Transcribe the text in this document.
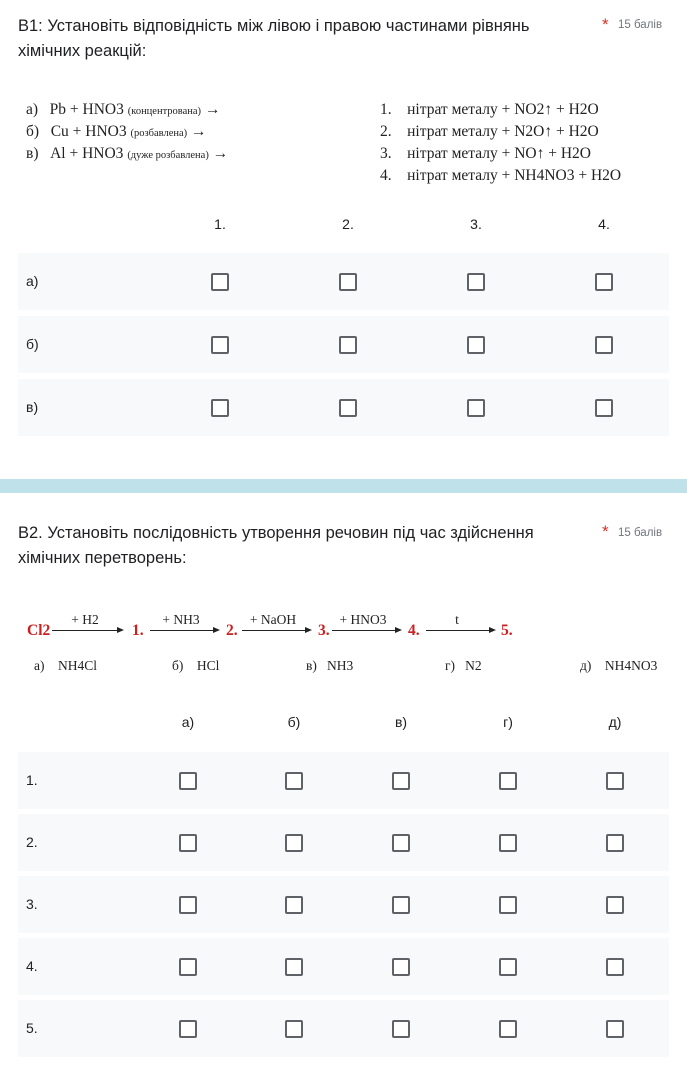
В1: Установіть відповідність між лівою і правою частинами рівнянь хімічних реакцій:
* 15 балів
а) Pb + HNO3 (концентрована) →
б) Cu + HNO3 (розбавлена) →
в) Al + HNO3 (дуже розбавлена) →
1. нітрат металу + NO2↑ + H2O
2. нітрат металу + N2O↑ + H2O
3. нітрат металу + NO↑ + H2O
4. нітрат металу + NH4NO3 + H2O
1.	2.	3.	4.
а)
б)
в)
В2. Установіть послідовність утворення речовин під час здійснення хімічних перетворень:
* 15 балів
Cl2
+ H2
1.
+ NH3
2.
+ NaOH
3.
+ HNO3
4.
t
5.
а) NH4Cl	б) HCl	в) NH3	г) N2	д) NH4NO3
а)	б)	в)	г)	д)
1.
2.
3.
4.
5.
